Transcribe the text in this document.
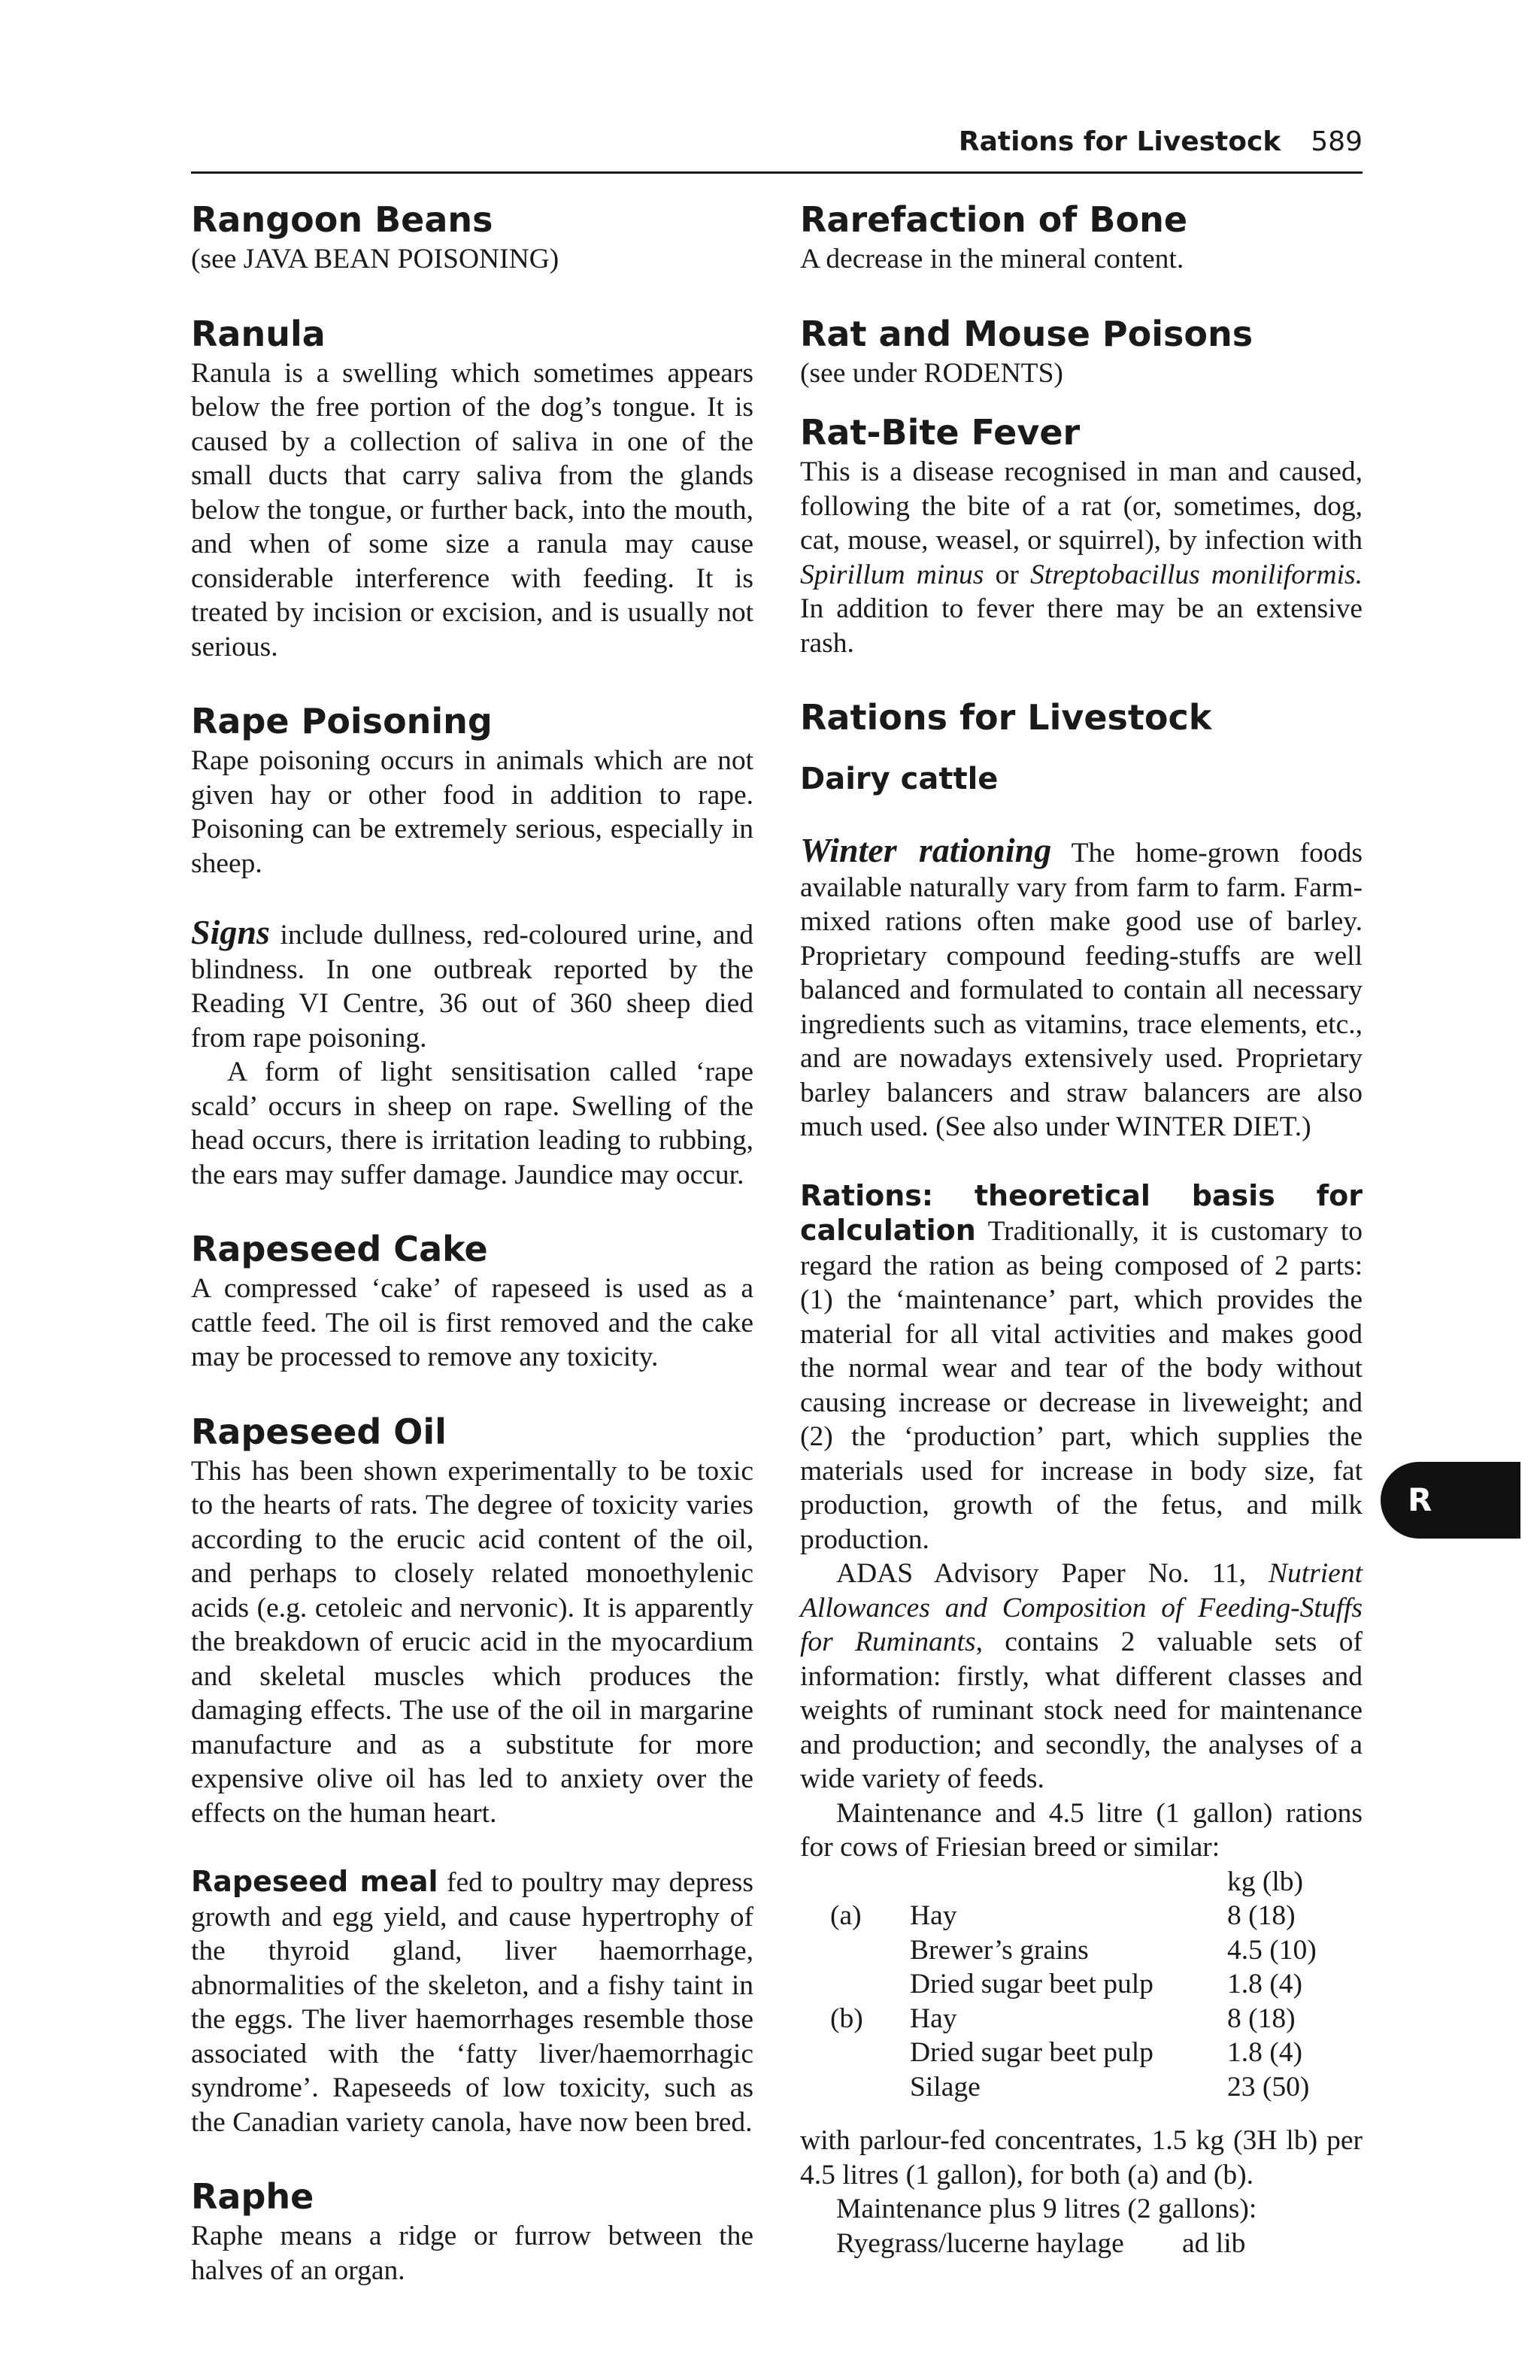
Rations for Livestock 589
Rangoon Beans

(see JAVA BEAN POISONING)

Ranula

Ranula is a swelling which sometimes appears below the free portion of the dog’s tongue. It is caused by a collection of saliva in one of the small ducts that carry saliva from the glands below the tongue, or further back, into the mouth, and when of some size a ranula may cause considerable interference with feeding. It is treated by incision or excision, and is usually not serious.

Rape Poisoning

Rape poisoning occurs in animals which are not given hay or other food in addition to rape. Poisoning can be extremely serious, especially in sheep.

Signs include dullness, red-coloured urine, and blindness. In one outbreak reported by the Reading VI Centre, 36 out of 360 sheep died from rape poisoning.

A form of light sensitisation called ‘rape scald’ occurs in sheep on rape. Swelling of the head occurs, there is irritation leading to rubbing, the ears may suffer damage. Jaundice may occur.

Rapeseed Cake

A compressed ‘cake’ of rapeseed is used as a cattle feed. The oil is first removed and the cake may be processed to remove any toxicity.

Rapeseed Oil

This has been shown experimentally to be toxic to the hearts of rats. The degree of toxicity varies according to the erucic acid content of the oil, and perhaps to closely related monoethylenic acids (e.g. cetoleic and nervonic). It is apparently the breakdown of erucic acid in the myocardium and skeletal muscles which produces the damaging effects. The use of the oil in margarine manufacture and as a substitute for more expensive olive oil has led to anxiety over the effects on the human heart.

Rapeseed meal fed to poultry may depress growth and egg yield, and cause hypertrophy of the thyroid gland, liver haemorrhage, abnormalities of the skeleton, and a fishy taint in the eggs. The liver haemorrhages resemble those associated with the ‘fatty liver/haemorrhagic syndrome’. Rapeseeds of low toxicity, such as the Canadian variety canola, have now been bred.

Raphe

Raphe means a ridge or furrow between the halves of an organ.

Rarefaction of Bone

A decrease in the mineral content.

Rat and Mouse Poisons

(see under RODENTS)

Rat-Bite Fever

This is a disease recognised in man and caused, following the bite of a rat (or, sometimes, dog, cat, mouse, weasel, or squirrel), by infection with Spirillum minus or Streptobacillus moniliformis. In addition to fever there may be an extensive rash.

Rations for Livestock
Dairy cattle

Winter rationing The home-grown foods available naturally vary from farm to farm. Farm-mixed rations often make good use of barley. Proprietary compound feeding-stuffs are well balanced and formulated to contain all necessary ingredients such as vitamins, trace elements, etc., and are nowadays extensively used. Proprietary barley balancers and straw balancers are also much used. (See also under WINTER DIET.)

Rations: theoretical basis for calculation Traditionally, it is customary to regard the ration as being composed of 2 parts: (1) the ‘maintenance’ part, which provides the material for all vital activities and makes good the normal wear and tear of the body without causing increase or decrease in liveweight; and (2) the ‘production’ part, which supplies the materials used for increase in body size, fat production, growth of the fetus, and milk production.

ADAS Advisory Paper No. 11, Nutrient Allowances and Composition of Feeding-Stuffs for Ruminants, contains 2 valuable sets of information: firstly, what different classes and weights of ruminant stock need for maintenance and production; and secondly, the analyses of a wide variety of feeds.

Maintenance and 4.5 litre (1 gallon) rations for cows of Friesian breed or similar:

		kg (lb)
(a)	Hay	8 (18)
	Brewer’s grains	4.5 (10)
	Dried sugar beet pulp	1.8 (4)
(b)	Hay	8 (18)
	Dried sugar beet pulp	1.8 (4)
	Silage	23 (50)

with parlour-fed concentrates, 1.5 kg (3H lb) per 4.5 litres (1 gallon), for both (a) and (b).

Maintenance plus 9 litres (2 gallons):

Ryegrass/lucerne haylage	ad lib
R
